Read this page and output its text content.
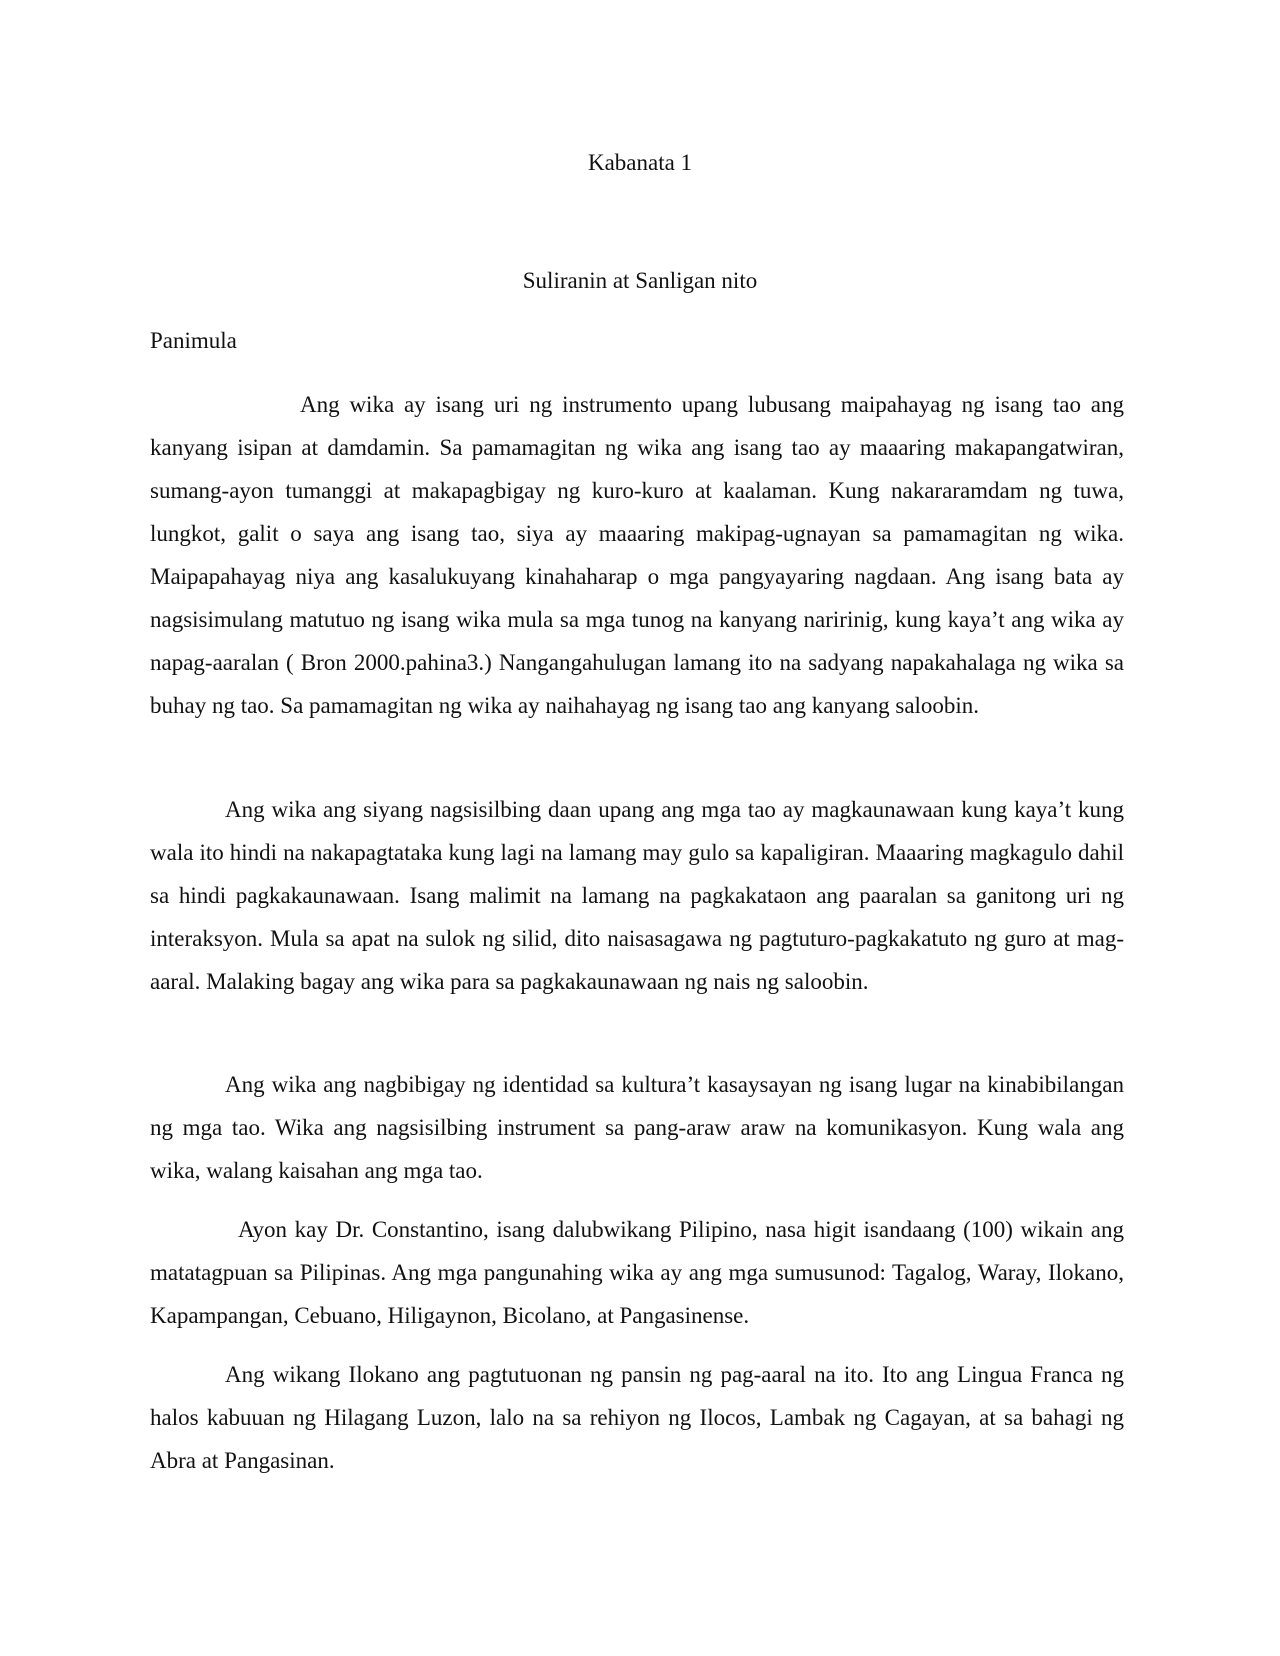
Kabanata 1
Suliranin at Sanligan nito
Panimula

Ang wika ay isang uri ng instrumento upang lubusang maipahayag ng isang tao ang kanyang isipan at damdamin. Sa pamamagitan ng wika ang isang tao ay maaaring makapangatwiran, sumang-ayon tumanggi at makapagbigay ng kuro-kuro at kaalaman. Kung nakararamdam ng tuwa, lungkot, galit o saya ang isang tao, siya ay maaaring makipag-ugnayan sa pamamagitan ng wika. Maipapahayag niya ang kasalukuyang kinahaharap o mga pangyayaring nagdaan. Ang isang bata ay nagsisimulang matutuo ng isang wika mula sa mga tunog na kanyang naririnig, kung kaya’t ang wika ay napag-aaralan ( Bron 2000.pahina3.) Nangangahulugan lamang ito na sadyang napakahalaga ng wika sa buhay ng tao. Sa pamamagitan ng wika ay naihahayag ng isang tao ang kanyang saloobin.

Ang wika ang siyang nagsisilbing daan upang ang mga tao ay magkaunawaan kung kaya’t kung wala ito hindi na nakapagtataka kung lagi na lamang may gulo sa kapaligiran. Maaaring magkagulo dahil sa hindi pagkakaunawaan. Isang malimit na lamang na pagkakataon ang paaralan sa ganitong uri ng interaksyon. Mula sa apat na sulok ng silid, dito naisasagawa ng pagtuturo-pagkakatuto ng guro at mag-aaral. Malaking bagay ang wika para sa pagkakaunawaan ng nais ng saloobin.

Ang wika ang nagbibigay ng identidad sa kultura’t kasaysayan ng isang lugar na kinabibilangan ng mga tao. Wika ang nagsisilbing instrument sa pang-araw araw na komunikasyon. Kung wala ang wika, walang kaisahan ang mga tao.

Ayon kay Dr. Constantino, isang dalubwikang Pilipino, nasa higit isandaang (100) wikain ang matatagpuan sa Pilipinas. Ang mga pangunahing wika ay ang mga sumusunod: Tagalog, Waray, Ilokano, Kapampangan, Cebuano, Hiligaynon, Bicolano, at Pangasinense.

Ang wikang Ilokano ang pagtutuonan ng pansin ng pag-aaral na ito. Ito ang Lingua Franca ng halos kabuuan ng Hilagang Luzon, lalo na sa rehiyon ng Ilocos, Lambak ng Cagayan, at sa bahagi ng Abra at Pangasinan.
